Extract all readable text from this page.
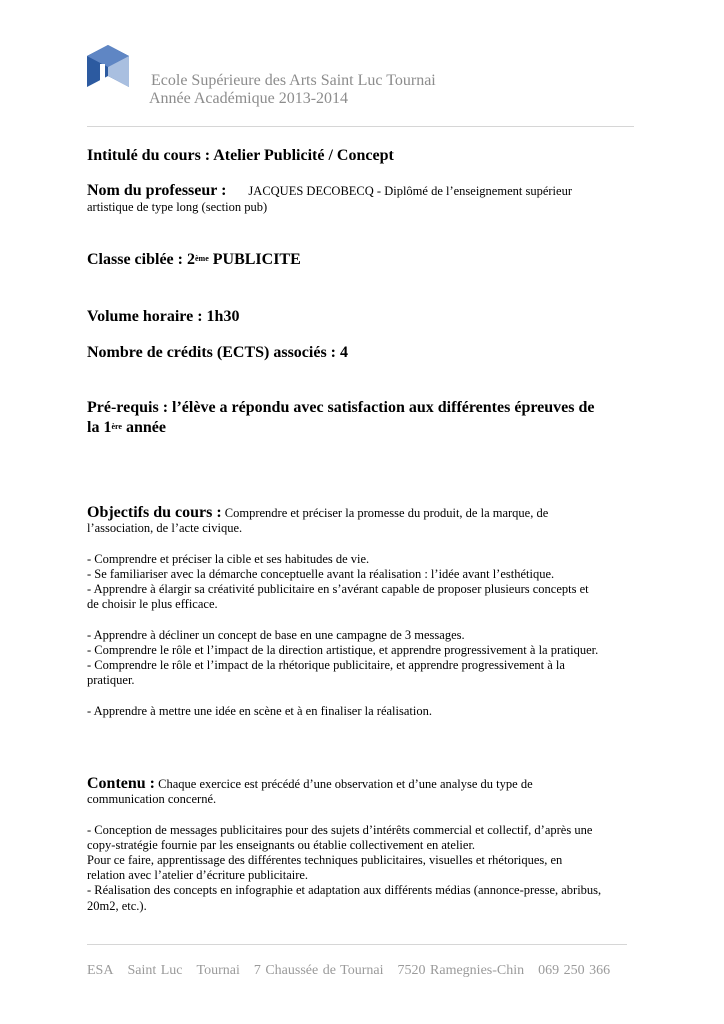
Ecole Supérieure des Arts Saint Luc Tournai
Année Académique 2013-2014
Intitulé du cours : Atelier Publicité / Concept
Nom du professeur : JACQUES DECOBECQ - Diplômé de l’enseignement supérieur
artistique de type long (section pub)
Classe ciblée : 2ème PUBLICITE
Volume horaire : 1h30
Nombre de crédits (ECTS) associés : 4
Pré-requis : l’élève a répondu avec satisfaction aux différentes épreuves de
la 1ère année

Objectifs du cours : Comprendre et préciser la promesse du produit, de la marque, de

l’association, de l’acte civique.

- Comprendre et préciser la cible et ses habitudes de vie.

- Se familiariser avec la démarche conceptuelle avant la réalisation : l’idée avant l’esthétique.

- Apprendre à élargir sa créativité publicitaire en s’avérant capable de proposer plusieurs concepts et

de choisir le plus efficace.

- Apprendre à décliner un concept de base en une campagne de 3 messages.

- Comprendre le rôle et l’impact de la direction artistique, et apprendre progressivement à la pratiquer.

- Comprendre le rôle et l’impact de la rhétorique publicitaire, et apprendre progressivement à la

pratiquer.

- Apprendre à mettre une idée en scène et à en finaliser la réalisation.

Contenu : Chaque exercice est précédé d’une observation et d’une analyse du type de

communication concerné.

- Conception de messages publicitaires pour des sujets d’intérêts commercial et collectif, d’après une

copy-stratégie fournie par les enseignants ou établie collectivement en atelier.

Pour ce faire, apprentissage des différentes techniques publicitaires, visuelles et rhétoriques, en

relation avec l’atelier d’écriture publicitaire.

- Réalisation des concepts en infographie et adaptation aux différents médias (annonce-presse, abribus,

20m2, etc.).

ESA Saint Luc Tournai 7 Chaussée de Tournai 7520 Ramegnies-Chin 069 250 366
